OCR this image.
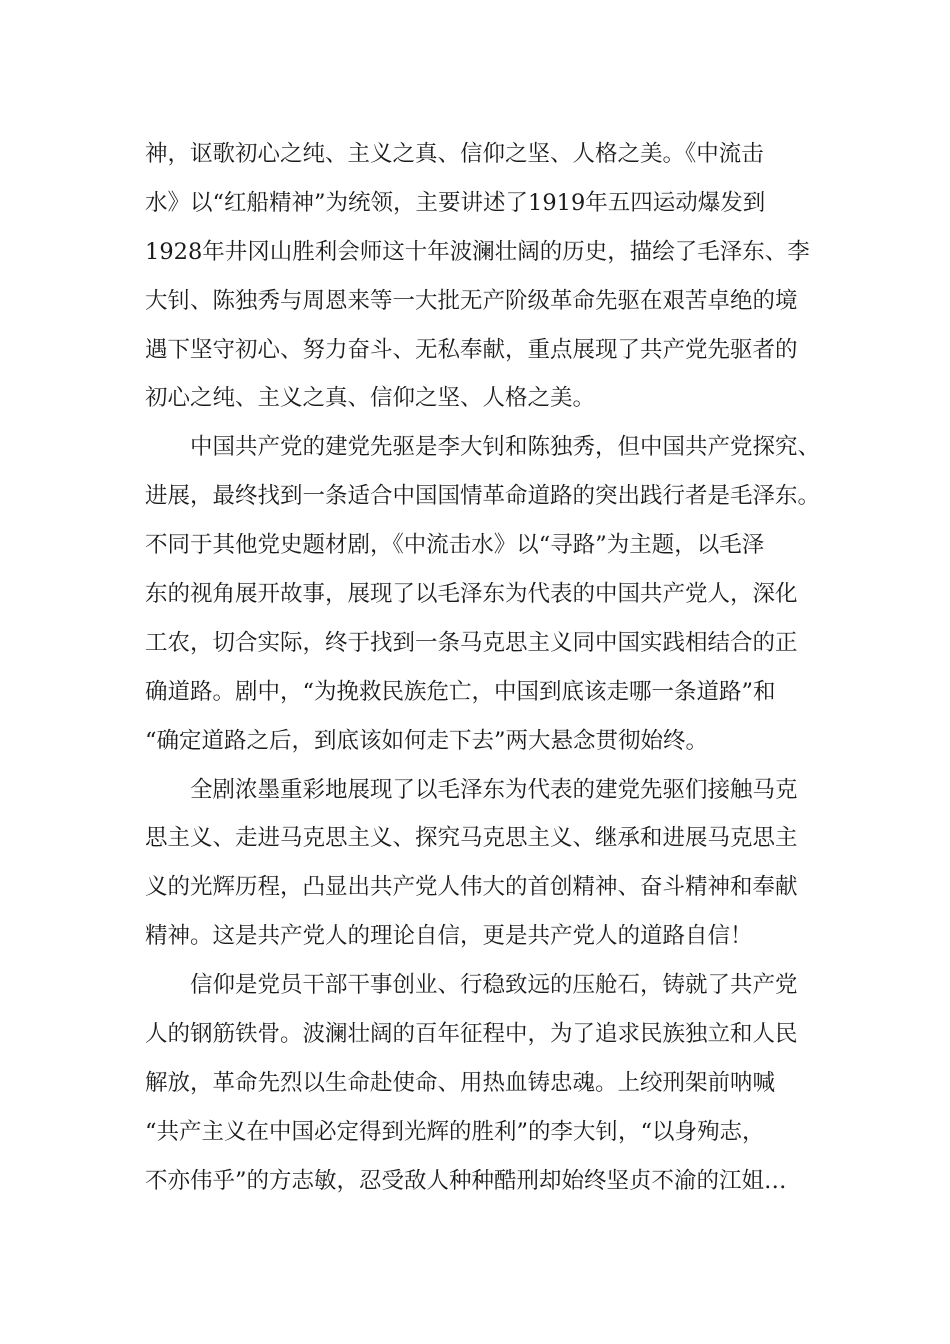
神，讴歌初心之纯、主义之真、信仰之坚、人格之美。《中流击
水》以“红船精神”为统领，主要讲述了1919年五四运动爆发到
1928年井冈山胜利会师这十年波澜壮阔的历史，描绘了毛泽东、李
大钊、陈独秀与周恩来等一大批无产阶级革命先驱在艰苦卓绝的境
遇下坚守初心、努力奋斗、无私奉献，重点展现了共产党先驱者的
初心之纯、主义之真、信仰之坚、人格之美。
中国共产党的建党先驱是李大钊和陈独秀，但中国共产党探究、
进展，最终找到一条适合中国国情革命道路的突出践行者是毛泽东。
不同于其他党史题材剧，《中流击水》以“寻路”为主题，以毛泽
东的视角展开故事，展现了以毛泽东为代表的中国共产党人，深化
工农，切合实际，终于找到一条马克思主义同中国实践相结合的正
确道路。剧中，“为挽救民族危亡，中国到底该走哪一条道路”和
“确定道路之后，到底该如何走下去”两大悬念贯彻始终。
全剧浓墨重彩地展现了以毛泽东为代表的建党先驱们接触马克
思主义、走进马克思主义、探究马克思主义、继承和进展马克思主
义的光辉历程，凸显出共产党人伟大的首创精神、奋斗精神和奉献
精神。这是共产党人的理论自信，更是共产党人的道路自信！
信仰是党员干部干事创业、行稳致远的压舱石，铸就了共产党
人的钢筋铁骨。波澜壮阔的百年征程中，为了追求民族独立和人民
解放，革命先烈以生命赴使命、用热血铸忠魂。上绞刑架前呐喊
“共产主义在中国必定得到光辉的胜利”的李大钊，“以身殉志，
不亦伟乎”的方志敏，忍受敌人种种酷刑却始终坚贞不渝的江姐…
